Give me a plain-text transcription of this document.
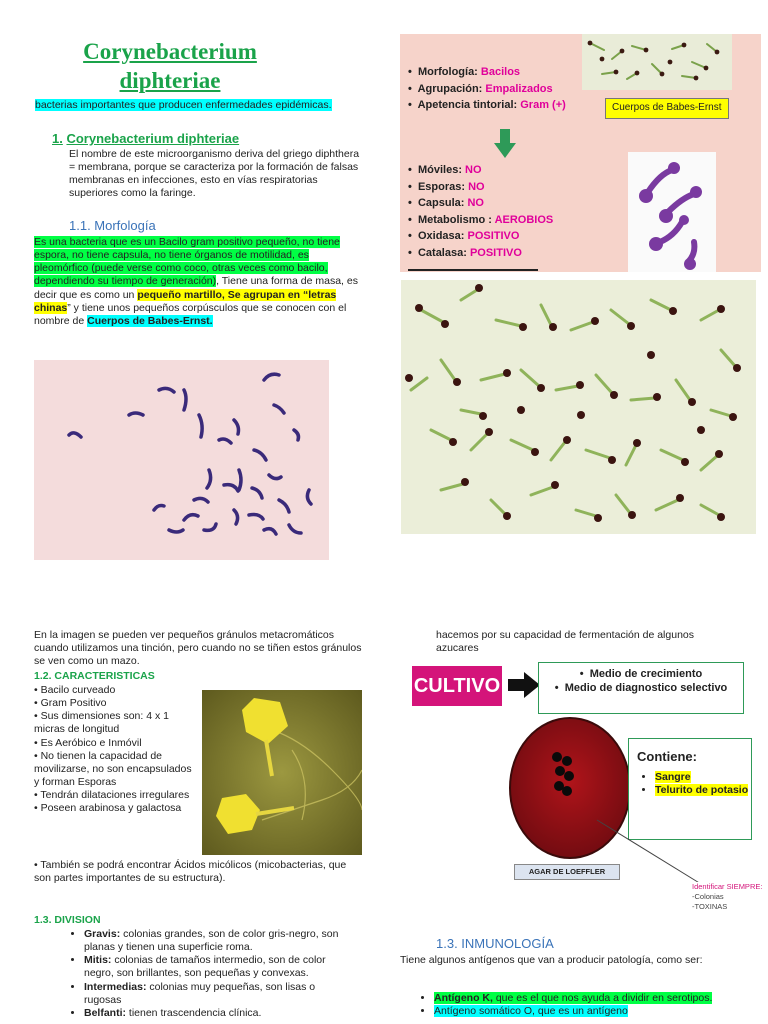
Corynebacterium
diphteriae
bacterias importantes que producen enfermedades epidémicas.
1. Corynebacterium diphteriae
El nombre de este microorganismo deriva del griego diphthera = membrana, porque se caracteriza por la formación de falsas membranas en infecciones, esto en vías respiratorias superiores como la faringe.
1.1. Morfología
Es una bacteria que es un Bacilo gram positivo pequeño, no tiene espora, no tiene capsula, no tiene órganos de motilidad, es pleomórfico (puede verse como coco, otras veces como bacilo, dependiendo su tiempo de generación), Tiene una forma de masa, es decir que es como un pequeño martillo, Se agrupan en “letras chinas” y tiene unos pequeños corpúsculos que se conocen con el nombre de Cuerpos de Babes-Ernst.
•  Morfología: Bacilos
•  Agrupación: Empalizados
•  Apetencia tintorial: Gram (+)	Cuerpos de Babes-Ernst
•  Móviles: NO
•  Esporas: NO
•  Capsula: NO
•  Metabolismo : AEROBIOS
•  Oxidasa: POSITIVO
•  Catalasa: POSITIVO
En la imagen se pueden ver pequeños gránulos metacromáticos cuando utilizamos una tinción, pero cuando no se tiñen estos gránulos se ven como un mazo.
1.2. CARACTERISTICAS
• Bacilo curveado
• Gram Positivo
• Sus dimensiones son: 4 x 1 micras de longitud
• Es Aeróbico e Inmóvil
• No tienen la capacidad de movilizarse, no son encapsulados y forman Esporas
• Tendrán dilataciones irregulares
• Poseen arabinosa y galactosa
• También se podrá encontrar Ácidos micólicos (micobacterias, que son partes importantes de su estructura).
1.3. DIVISION
• Gravis: colonias grandes, son de color gris-negro, son planas y tienen una superficie roma.
• Mitis: colonias de tamaños intermedio, son de color negro, son brillantes, son pequeñas y convexas.
• Intermedias: colonias muy pequeñas, son lisas o rugosas
• Belfanti: tienen trascendencia clínica.
hacemos por su capacidad de fermentación de algunos azucares
CULTIVO
•  Medio de crecimiento
•  Medio de diagnostico selectivo
AGAR DE LOEFFLER
Contiene:
• Sangre
• Telurito de potasio
Identificar SIEMPRE:
-Colonias
-TOXINAS
1.3. INMUNOLOGÍA
Tiene algunos antígenos que van a producir patología, como ser:
• Antígeno K, que es el que nos ayuda a dividir en serotipos.
• Antígeno somático O, que es un antígeno
